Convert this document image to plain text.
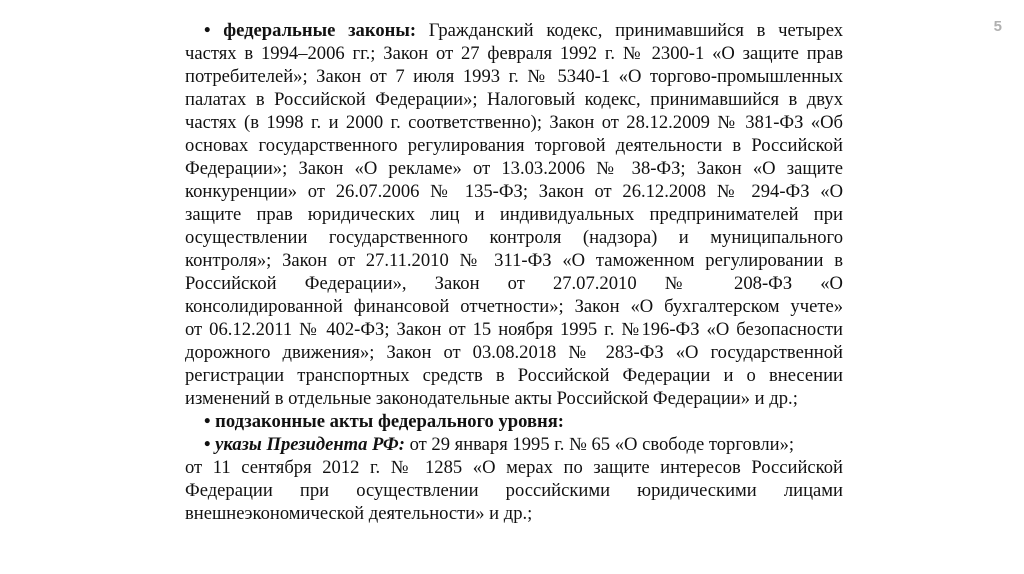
5
• федеральные законы: Гражданский кодекс, принимавшийся в четырех
частях в 1994–2006 гг.; Закон от 27 февраля 1992 г. № 2300-1 «О защите прав
потребителей»; Закон от 7 июля 1993 г. № 5340-1 «О торгово-промышленных
палатах в Российской Федерации»; Налоговый кодекс, принимавшийся в двух
частях (в 1998 г. и 2000 г. соответственно); Закон от 28.12.2009 № 381-ФЗ «Об
основах государственного регулирования торговой деятельности в Российской
Федерации»; Закон «О рекламе» от 13.03.2006 № 38-ФЗ; Закон «О защите
конкуренции» от 26.07.2006 № 135-ФЗ; Закон от 26.12.2008 № 294-ФЗ «О
защите прав юридических лиц и индивидуальных предпринимателей при
осуществлении государственного контроля (надзора) и муниципального
контроля»; Закон от 27.11.2010 № 311-ФЗ «О таможенном регулировании в
Российской Федерации», Закон от 27.07.2010 № 208-ФЗ «О
консолидированной финансовой отчетности»; Закон «О бухгалтерском учете»
от 06.12.2011 № 402-ФЗ; Закон от 15 ноября 1995 г. №196-ФЗ «О безопасности
дорожного движения»; Закон от 03.08.2018 № 283-ФЗ «О государственной
регистрации транспортных средств в Российской Федерации и о внесении
изменений в отдельные законодательные акты Российской Федерации» и др.;
• подзаконные акты федерального уровня:
• указы Президента РФ: от 29 января 1995 г. № 65 «О свободе торговли»;
от 11 сентября 2012 г. № 1285 «О мерах по защите интересов Российской
Федерации при осуществлении российскими юридическими лицами
внешнеэкономической деятельности» и др.;
